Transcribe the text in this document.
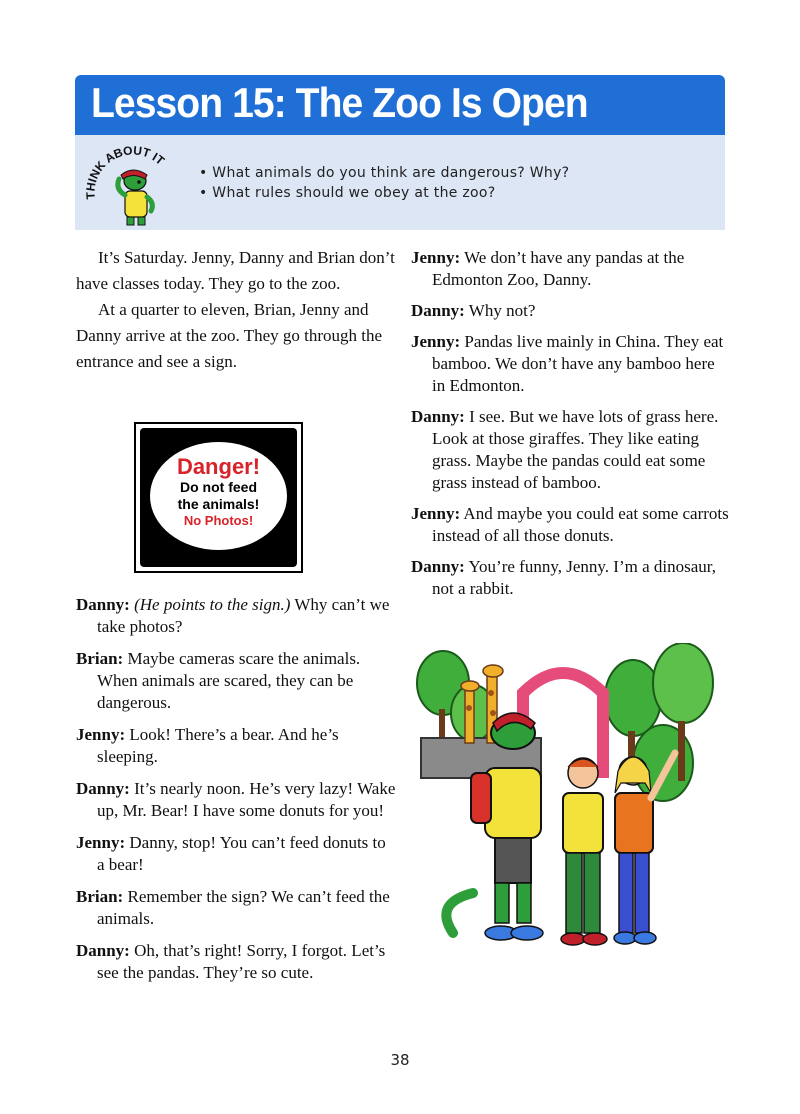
Lesson 15: The Zoo Is Open
THINK ABOUT IT
• What animals do you think are dangerous? Why?
• What rules should we obey at the zoo?

It’s Saturday. Jenny, Danny and Brian don’t have classes today. They go to the zoo.

At a quarter to eleven, Brian, Jenny and Danny arrive at the zoo. They go through the entrance and see a sign.

Danger!
Do not feed
the animals!
No Photos!

Danny: (He points to the sign.) Why can’t we take photos?

Brian: Maybe cameras scare the animals. When animals are scared, they can be dangerous.

Jenny: Look! There’s a bear. And he’s sleeping.

Danny: It’s nearly noon. He’s very lazy! Wake up, Mr. Bear! I have some donuts for you!

Jenny: Danny, stop! You can’t feed donuts to a bear!

Brian: Remember the sign? We can’t feed the animals.

Danny: Oh, that’s right! Sorry, I forgot. Let’s see the pandas. They’re so cute.

Jenny: We don’t have any pandas at the Edmonton Zoo, Danny.

Danny: Why not?

Jenny: Pandas live mainly in China. They eat bamboo. We don’t have any bamboo here in Edmonton.

Danny: I see. But we have lots of grass here. Look at those giraffes. They like eating grass. Maybe the pandas could eat some grass instead of bamboo.

Jenny: And maybe you could eat some carrots instead of all those donuts.

Danny: You’re funny, Jenny. I’m a dinosaur, not a rabbit.

38
